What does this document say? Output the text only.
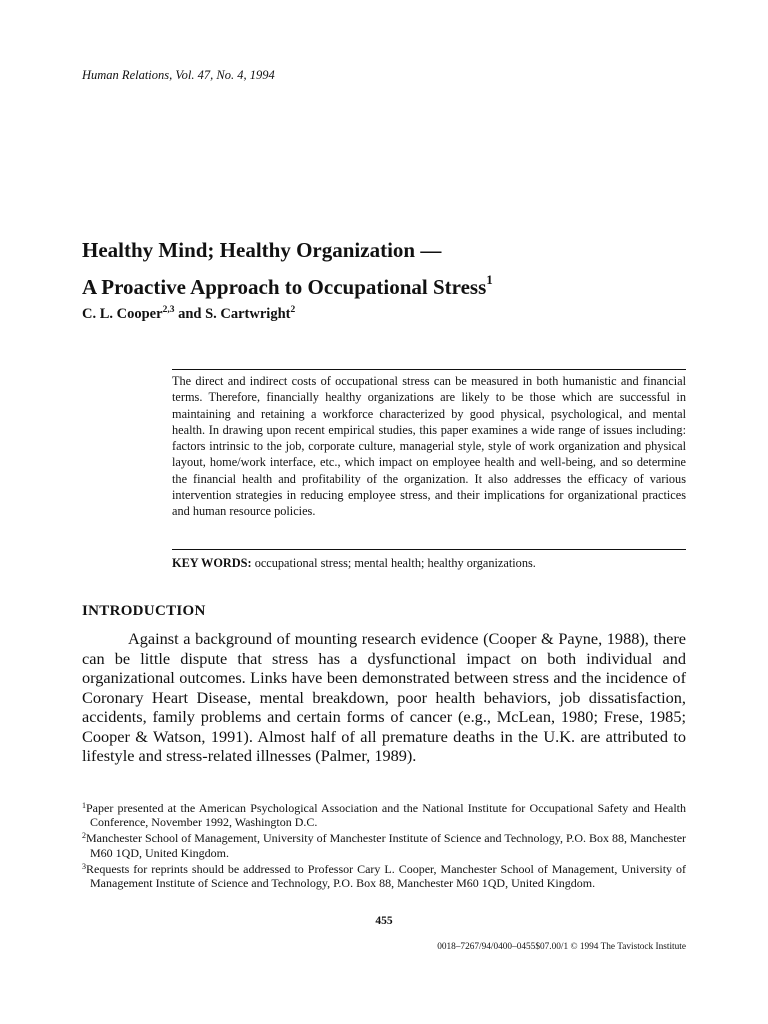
Human Relations, Vol. 47, No. 4, 1994
Healthy Mind; Healthy Organization —
A Proactive Approach to Occupational Stress$^1$
C. L. Cooper$^{2,3}$ and S. Cartwright$^2$

The direct and indirect costs of occupational stress can be measured in both humanistic and financial terms. Therefore, financially healthy organizations are likely to be those which are successful in maintaining and retaining a workforce characterized by good physical, psychological, and mental health. In drawing upon recent empirical studies, this paper examines a wide range of issues including: factors intrinsic to the job, corporate culture, managerial style, style of work organization and physical layout, home/work interface, etc., which impact on employee health and well-being, and so determine the financial health and profitability of the organization. It also addresses the efficacy of various intervention strategies in reducing employee stress, and their implications for organizational practices and human resource policies.

KEY WORDS: occupational stress; mental health; healthy organizations.
INTRODUCTION

Against a background of mounting research evidence (Cooper & Payne, 1988), there can be little dispute that stress has a dysfunctional impact on both individual and organizational outcomes. Links have been demonstrated between stress and the incidence of Coronary Heart Disease, mental breakdown, poor health behaviors, job dissatisfaction, accidents, family problems and certain forms of cancer (e.g., McLean, 1980; Frese, 1985; Cooper & Watson, 1991). Almost half of all premature deaths in the U.K. are attributed to lifestyle and stress-related illnesses (Palmer, 1989).

$^1$Paper presented at the American Psychological Association and the National Institute for Occupational Safety and Health Conference, November 1992, Washington D.C.
$^2$Manchester School of Management, University of Manchester Institute of Science and Technology, P.O. Box 88, Manchester M60 1QD, United Kingdom.
$^3$Requests for reprints should be addressed to Professor Cary L. Cooper, Manchester School of Management, University of Management Institute of Science and Technology, P.O. Box 88, Manchester M60 1QD, United Kingdom.
455
0018–7267/94/0400–0455$07.00/1 © 1994 The Tavistock Institute
